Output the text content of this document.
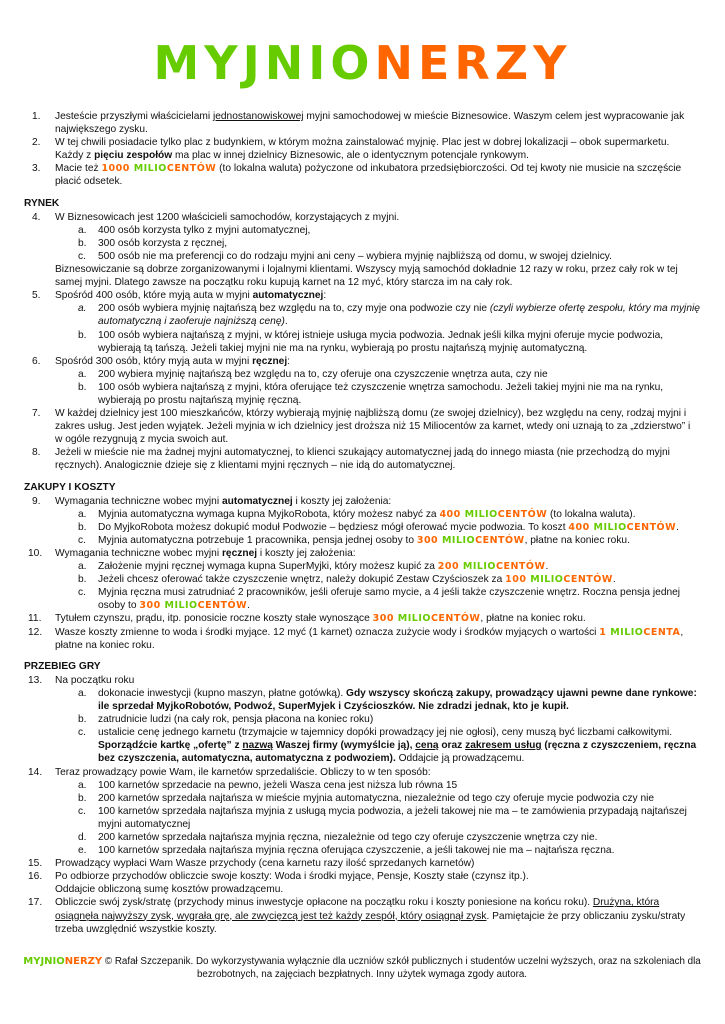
MYJNIONERZY
1. Jesteście przyszłymi właścicielami jednostanowiskowej myjni samochodowej w mieście Biznesowice. Waszym celem jest wypracowanie jak największego zysku.
2. W tej chwili posiadacie tylko plac z budynkiem, w którym można zainstalować myjnię. Plac jest w dobrej lokalizacji – obok supermarketu. Każdy z pięciu zespołów ma plac w innej dzielnicy Biznesowic, ale o identycznym potencjale rynkowym.
3. Macie też 1000 MILIOCENTÓW (to lokalna waluta) pożyczone od inkubatora przedsiębiorczości. Od tej kwoty nie musicie na szczęście płacić odsetek.
RYNEK
4. W Biznesowicach jest 1200 właścicieli samochodów, korzystających z myjni.
a. 400 osób korzysta tylko z myjni automatycznej,
b. 300 osób korzysta z ręcznej,
c. 500 osób nie ma preferencji co do rodzaju myjni ani ceny – wybiera myjnię najbliższą od domu, w swojej dzielnicy.
Biznesowiczanie są dobrze zorganizowanymi i lojalnymi klientami. Wszyscy myją samochód dokładnie 12 razy w roku, przez cały rok w tej samej myjni. Dlatego zawsze na początku roku kupują karnet na 12 myć, który starcza im na cały rok.
5. Spośród 400 osób, które myją auta w myjni automatycznej:
a. 200 osób wybiera myjnię najtańszą bez względu na to, czy myje ona podwozie czy nie (czyli wybierze ofertę zespołu, który ma myjnię automatyczną i zaoferuje najniższą cenę).
b. 100 osób wybiera najtańszą z myjni, w której istnieje usługa mycia podwozia. Jednak jeśli kilka myjni oferuje mycie podwozia, wybierają tą tańszą. Jeżeli takiej myjni nie ma na rynku, wybierają po prostu najtańszą myjnię automatyczną.
6. Spośród 300 osób, który myją auta w myjni ręcznej:
a. 200 wybiera myjnię najtańszą bez względu na to, czy oferuje ona czyszczenie wnętrza auta, czy nie
b. 100 osób wybiera najtańszą z myjni, która oferujące też czyszczenie wnętrza samochodu. Jeżeli takiej myjni nie ma na rynku, wybierają po prostu najtańszą myjnię ręczną.
7. W każdej dzielnicy jest 100 mieszkańców, którzy wybierają myjnię najbliższą domu (ze swojej dzielnicy), bez względu na ceny, rodzaj myjni i zakres usług. Jest jeden wyjątek. Jeżeli myjnia w ich dzielnicy jest droższa niż 15 Miliocentów za karnet, wtedy oni uznają to za „zdzierstwo” i w ogóle rezygnują z mycia swoich aut.
8. Jeżeli w mieście nie ma żadnej myjni automatycznej, to klienci szukający automatycznej jadą do innego miasta (nie przechodzą do myjni ręcznych). Analogicznie dzieje się z klientami myjni ręcznych – nie idą do automatycznej.
ZAKUPY I KOSZTY
9. Wymagania techniczne wobec myjni automatycznej i koszty jej założenia:
a. Myjnia automatyczna wymaga kupna MyjkoRobota, który możesz nabyć za 400 MILIOCENTÓW (to lokalna waluta).
b. Do MyjkoRobota możesz dokupić moduł Podwozie – będziesz mógł oferować mycie podwozia. To koszt 400 MILIOCENTÓW.
c. Myjnia automatyczna potrzebuje 1 pracownika, pensja jednej osoby to 300 MILIOCENTÓW, płatne na koniec roku.
10. Wymagania techniczne wobec myjni ręcznej i koszty jej założenia:
a. Założenie myjni ręcznej wymaga kupna SuperMyjki, który możesz kupić za 200 MILIOCENTÓW.
b. Jeżeli chcesz oferować także czyszczenie wnętrz, należy dokupić Zestaw Czyścioszek za 100 MILIOCENTÓW.
c. Myjnia ręczna musi zatrudniać 2 pracowników, jeśli oferuje samo mycie, a 4 jeśli także czyszczenie wnętrz. Roczna pensja jednej osoby to 300 MILIOCENTÓW.
11. Tytułem czynszu, prądu, itp. ponosicie roczne koszty stałe wynoszące 300 MILIOCENTÓW, płatne na koniec roku.
12. Wasze koszty zmienne to woda i środki myjące. 12 myć (1 karnet) oznacza zużycie wody i środków myjących o wartości 1 MILIOCENTA, płatne na koniec roku.
PRZEBIEG GRY
13. Na początku roku
a. dokonacie inwestycji (kupno maszyn, płatne gotówką). Gdy wszyscy skończą zakupy, prowadzący ujawni pewne dane rynkowe: ile sprzedał MyjkoRobotów, Podwoź, SuperMyjek i Czyścioszków. Nie zdradzi jednak, kto je kupił.
b. zatrudnicie ludzi (na cały rok, pensja płacona na koniec roku)
c. ustalicie cenę jednego karnetu (trzymajcie w tajemnicy dopóki prowadzący jej nie ogłosi), ceny muszą być liczbami całkowitymi. Sporządźcie kartkę „ofertę” z nazwą Waszej firmy (wymyślcie ją), ceną oraz zakresem usług (ręczna z czyszczeniem, ręczna bez czyszczenia, automatyczna, automatyczna z podwoziem). Oddajcie ją prowadzącemu.
14. Teraz prowadzący powie Wam, ile karnetów sprzedaliście. Obliczy to w ten sposób:
a. 100 karnetów sprzedacie na pewno, jeżeli Wasza cena jest niższa lub równa 15
b. 200 karnetów sprzedała najtańsza w mieście myjnia automatyczna, niezależnie od tego czy oferuje mycie podwozia czy nie
c. 100 karnetów sprzedała najtańsza myjnia z usługą mycia podwozia, a jeżeli takowej nie ma – te zamówienia przypadają najtańszej myjni automatycznej
d. 200 karnetów sprzedała najtańsza myjnia ręczna, niezależnie od tego czy oferuje czyszczenie wnętrza czy nie.
e. 100 karnetów sprzedała najtańsza myjnia ręczna oferująca czyszczenie, a jeśli takowej nie ma – najtańsza ręczna.
15. Prowadzący wypłaci Wam Wasze przychody (cena karnetu razy ilość sprzedanych karnetów)
16. Po odbiorze przychodów obliczcie swoje koszty: Woda i środki myjące, Pensje, Koszty stałe (czynsz itp.).
Oddajcie obliczoną sumę kosztów prowadzącemu.
17. Obliczcie swój zysk/stratę (przychody minus inwestycje opłacone na początku roku i koszty poniesione na końcu roku). Drużyna, która osiągnęła najwyższy zysk, wygrała grę, ale zwycięzcą jest też każdy zespół, który osiągnął zysk. Pamiętajcie że przy obliczaniu zysku/straty trzeba uwzględnić wszystkie koszty.
MYJNIONERZY © Rafał Szczepanik. Do wykorzystywania wyłącznie dla uczniów szkół publicznych i studentów uczelni wyższych, oraz na szkoleniach dla
bezrobotnych, na zajęciach bezpłatnych. Inny użytek wymaga zgody autora.
